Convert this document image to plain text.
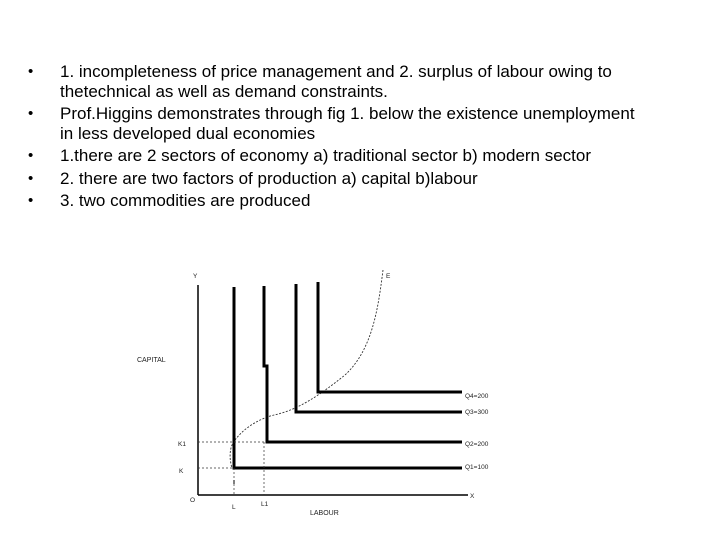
• 1. incompleteness of price management and 2. surplus of labour owing to
thetechnical as well as demand constraints.
• Prof.Higgins demonstrates through fig 1. below the existence unemployment
in less developed dual economies
• 1.there are 2 sectors of economy a) traditional sector b) modern sector
• 2. there are two factors of production a) capital b)labour
• 3. two commodities are produced
Y	E
CAPITAL
K1
K
O
L	L1
X
LABOUR
Q4=200
Q3=300
Q2=200
Q1=100
